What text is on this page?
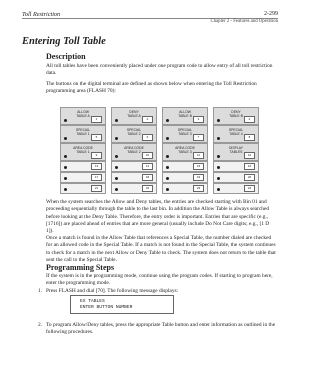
Toll Restriction	2-299
Chapter 2 - Features and Operation
Entering Toll Table
Description
All toll tables have been conveniently placed under one program code to allow entry of all toll restriction data.
The buttons on the digital terminal are defined as shown below when entering the Toll Restriction programming area (FLASH 70):
ALLOW
TABLE A
1
SPECIAL
TABLE 1
5
AREA CODE
TABLE 1
9
13
17
21
DENY
TABLE A
2
SPECIAL
TABLE 2
6
AREA CODE
TABLE 2
10
14
18
22
ALLOW
TABLE B
3
SPECIAL
TABLE 3
7
AREA CODE
TABLE 3
11
15
19
23
DENY
TABLE B
4
SPECIAL
TABLE 4
8
DISPLAY
TABLES
12
16
20
24
When the system searches the Allow and Deny tables, the entries are checked starting with Bin 01 and proceeding sequentially through the table to the last bin. In addition the Allow Table is always searched before looking at the Deny Table. Therefore, the entry order is important. Entries that are specific (e.g., [1716]) are placed ahead of entries that are more general (usually include Do Not Care digits; e.g., [1 D 1]).
Once a match is found in the Allow Table that references a Special Table, the number dialed are checked for an allowed code in the Special Table. If a match is not found in the Special Table, the system continues to check for a match in the next Allow or Deny Table to check. The system does not return to the table that sent the call to the Special Table.
Programming Steps
If the system is in the programming mode, continue using the program codes. If starting to program here, enter the programming mode.
1. Press FLASH and dial [70]. The following message displays:
EX TABLES
ENTER BUTTON NUMBER
2. To program Allow/Deny tables, press the appropriate Table button and enter information as outlined in the following procedures.
